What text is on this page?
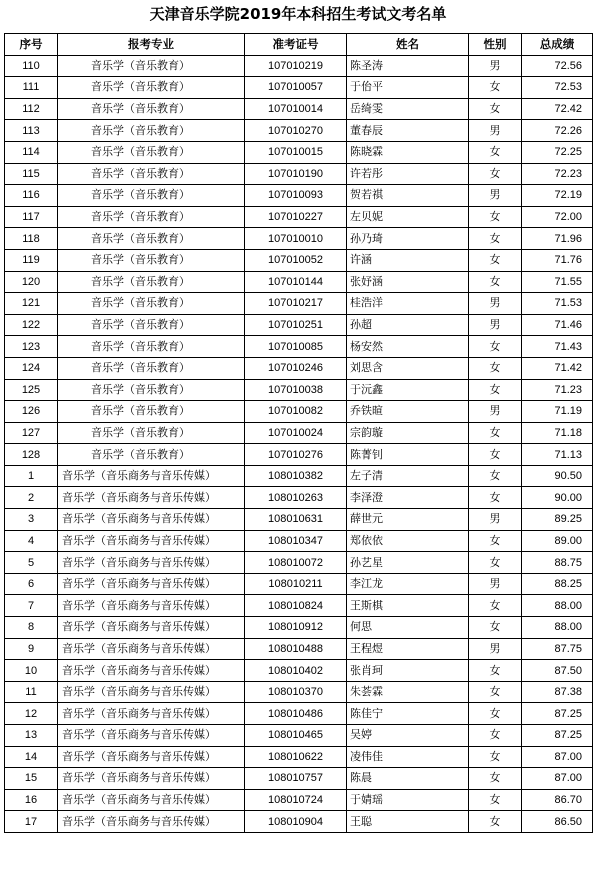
天津音乐学院2019年本科招生考试文考名单
序号	报考专业	准考证号	姓名	性别	总成绩
110	音乐学（音乐教育）	107010219	陈圣涛	男	72.56
111	音乐学（音乐教育）	107010057	于佁平	女	72.53
112	音乐学（音乐教育）	107010014	岳绮雯	女	72.42
113	音乐学（音乐教育）	107010270	董春辰	男	72.26
114	音乐学（音乐教育）	107010015	陈晓霖	女	72.25
115	音乐学（音乐教育）	107010190	许若彤	女	72.23
116	音乐学（音乐教育）	107010093	贺若祺	男	72.19
117	音乐学（音乐教育）	107010227	左贝妮	女	72.00
118	音乐学（音乐教育）	107010010	孙乃琦	女	71.96
119	音乐学（音乐教育）	107010052	许涵	女	71.76
120	音乐学（音乐教育）	107010144	张妤涵	女	71.55
121	音乐学（音乐教育）	107010217	桂浩洋	男	71.53
122	音乐学（音乐教育）	107010251	孙超	男	71.46
123	音乐学（音乐教育）	107010085	杨安然	女	71.43
124	音乐学（音乐教育）	107010246	刘思含	女	71.42
125	音乐学（音乐教育）	107010038	于沅鑫	女	71.23
126	音乐学（音乐教育）	107010082	乔铁暄	男	71.19
127	音乐学（音乐教育）	107010024	宗韵璇	女	71.18
128	音乐学（音乐教育）	107010276	陈菁钊	女	71.13
1	音乐学（音乐商务与音乐传媒）	108010382	左子清	女	90.50
2	音乐学（音乐商务与音乐传媒）	108010263	李泽澄	女	90.00
3	音乐学（音乐商务与音乐传媒）	108010631	薛世元	男	89.25
4	音乐学（音乐商务与音乐传媒）	108010347	郑依依	女	89.00
5	音乐学（音乐商务与音乐传媒）	108010072	孙艺星	女	88.75
6	音乐学（音乐商务与音乐传媒）	108010211	李江龙	男	88.25
7	音乐学（音乐商务与音乐传媒）	108010824	王斯棋	女	88.00
8	音乐学（音乐商务与音乐传媒）	108010912	何思	女	88.00
9	音乐学（音乐商务与音乐传媒）	108010488	王程煜	男	87.75
10	音乐学（音乐商务与音乐传媒）	108010402	张肖珂	女	87.50
11	音乐学（音乐商务与音乐传媒）	108010370	朱荟霖	女	87.38
12	音乐学（音乐商务与音乐传媒）	108010486	陈佳宁	女	87.25
13	音乐学（音乐商务与音乐传媒）	108010465	吴婷	女	87.25
14	音乐学（音乐商务与音乐传媒）	108010622	凌伟佳	女	87.00
15	音乐学（音乐商务与音乐传媒）	108010757	陈晨	女	87.00
16	音乐学（音乐商务与音乐传媒）	108010724	于婧瑶	女	86.70
17	音乐学（音乐商务与音乐传媒）	108010904	王聪	女	86.50
